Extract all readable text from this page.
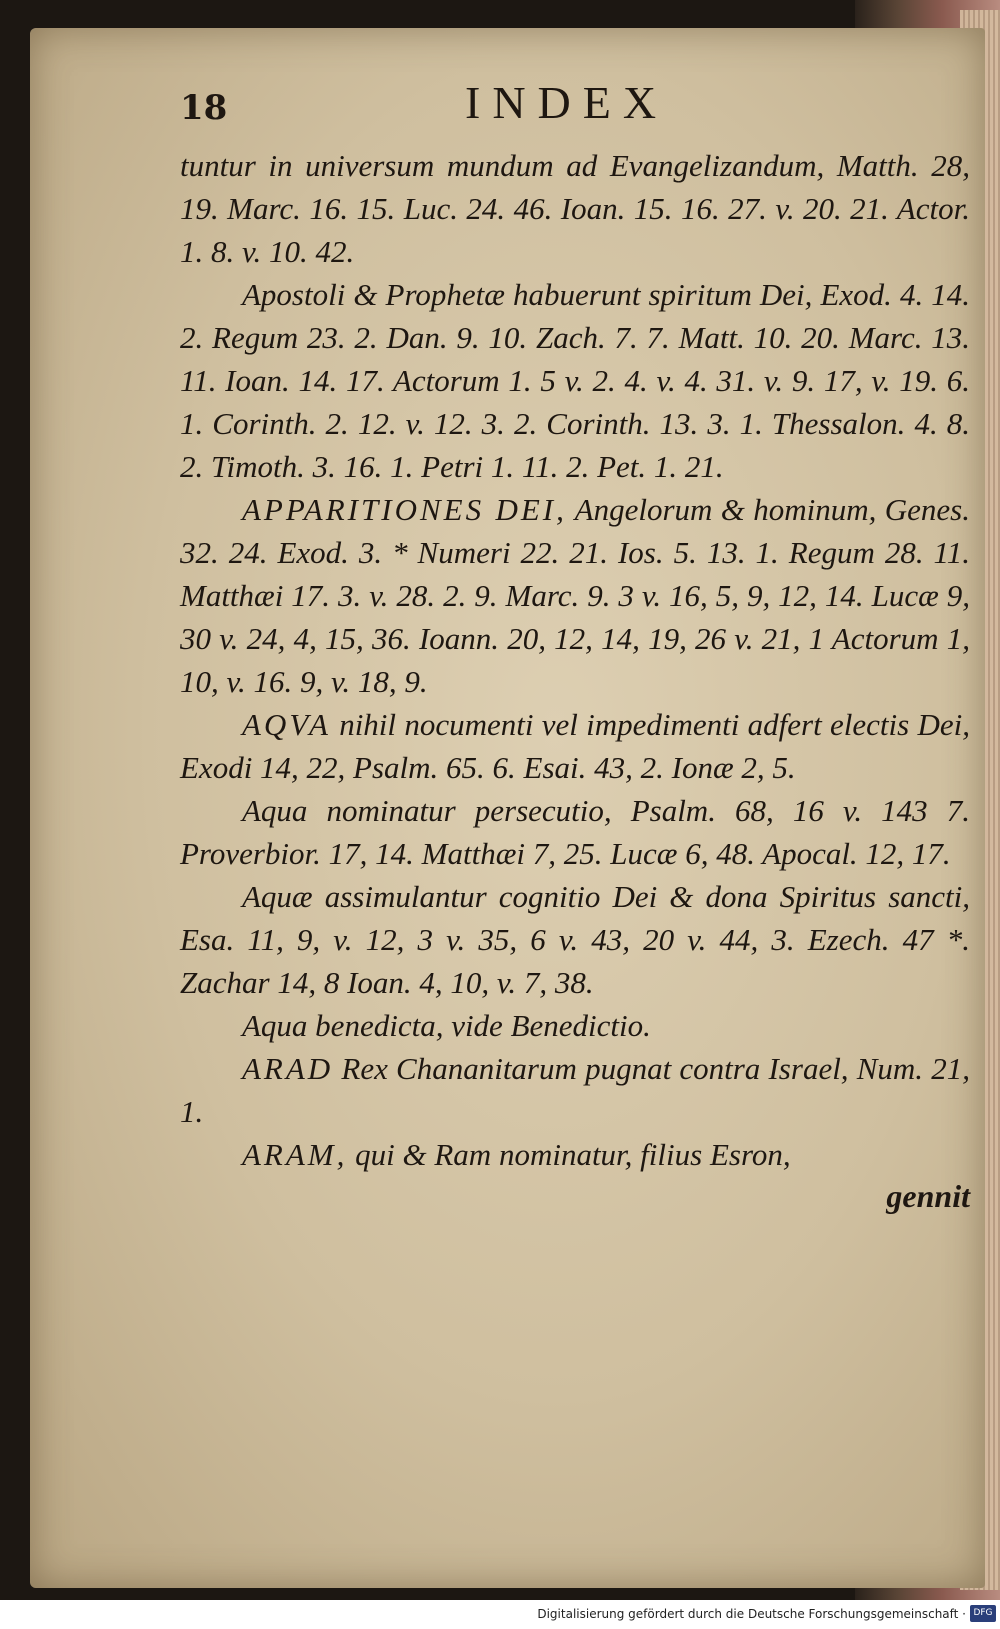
18	INDEX

tuntur in universum mundum ad Evangelizandum, Matth. 28, 19. Marc. 16. 15. Luc. 24. 46. Ioan. 15. 16. 27. v. 20. 21. Actor. 1. 8. v. 10. 42.

Apostoli & Prophetæ habuerunt spiritum Dei, Exod. 4. 14. 2. Regum 23. 2. Dan. 9. 10. Zach. 7. 7. Matt. 10. 20. Marc. 13. 11. Ioan. 14. 17. Actorum 1. 5 v. 2. 4. v. 4. 31. v. 9. 17, v. 19. 6. 1. Corinth. 2. 12. v. 12. 3. 2. Corinth. 13. 3. 1. Thessalon. 4. 8. 2. Timoth. 3. 16. 1. Petri 1. 11. 2. Pet. 1. 21.

APPARITIONES DEI, Angelorum & hominum, Genes. 32. 24. Exod. 3. * Numeri 22. 21. Ios. 5. 13. 1. Regum 28. 11. Matthæi 17. 3. v. 28. 2. 9. Marc. 9. 3 v. 16, 5, 9, 12, 14. Lucæ 9, 30 v. 24, 4, 15, 36. Ioann. 20, 12, 14, 19, 26 v. 21, 1 Actorum 1, 10, v. 16. 9, v. 18, 9.

AQVA nihil nocumenti vel impedimenti adfert electis Dei, Exodi 14, 22, Psalm. 65. 6. Esai. 43, 2. Ionæ 2, 5.

Aqua nominatur persecutio, Psalm. 68, 16 v. 143 7. Proverbior. 17, 14. Matthæi 7, 25. Lucæ 6, 48. Apocal. 12, 17.

Aquæ assimulantur cognitio Dei & dona Spiritus sancti, Esa. 11, 9, v. 12, 3 v. 35, 6 v. 43, 20 v. 44, 3. Ezech. 47 *. Zachar 14, 8 Ioan. 4, 10, v. 7, 38.

Aqua benedicta, vide Benedictio.

ARAD Rex Chananitarum pugnat contra Israel, Num. 21, 1.

ARAM, qui & Ram nominatur, filius Esron,

gennit
Digitalisierung gefördert durch die Deutsche Forschungsgemeinschaft · DFG
